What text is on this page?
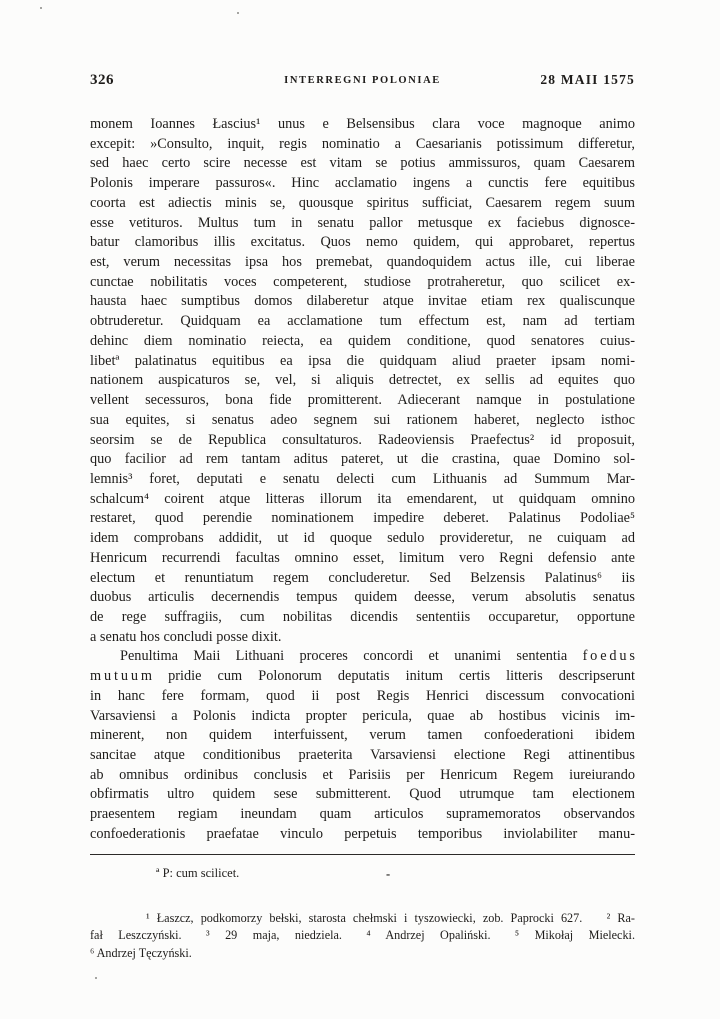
326	INTERREGNI POLONIAE	28 MAII 1575
monem Ioannes Łascius¹ unus e Belsensibus clara voce magnoque animo
excepit: »Consulto, inquit, regis nominatio a Caesarianis potissimum differetur,
sed haec certo scire necesse est vitam se potius ammissuros, quam Caesarem
Polonis imperare passuros«. Hinc acclamatio ingens a cunctis fere equitibus
coorta est adiectis minis se, quousque spiritus sufficiat, Caesarem regem suum
esse vetituros. Multus tum in senatu pallor metusque ex faciebus dignosce-
batur clamoribus illis excitatus. Quos nemo quidem, qui approbaret, repertus
est, verum necessitas ipsa hos premebat, quandoquidem actus ille, cui liberae
cunctae nobilitatis voces competerent, studiose protraheretur, quo scilicet ex-
hausta haec sumptibus domos dilaberetur atque invitae etiam rex qualiscunque
obtruderetur. Quidquam ea acclamatione tum effectum est, nam ad tertiam
dehinc diem nominatio reiecta, ea quidem conditione, quod senatores cuius-
libetª palatinatus equitibus ea ipsa die quidquam aliud praeter ipsam nomi-
nationem auspicaturos se, vel, si aliquis detrectet, ex sellis ad equites quo
vellent secessuros, bona fide promitterent. Adiecerant namque in postulatione
sua equites, si senatus adeo segnem sui rationem haberet, neglecto isthoc
seorsim se de Republica consultaturos. Radeoviensis Praefectus² id proposuit,
quo facilior ad rem tantam aditus pateret, ut die crastina, quae Domino sol-
lemnis³ foret, deputati e senatu delecti cum Lithuanis ad Summum Mar-
schalcum⁴ coirent atque litteras illorum ita emendarent, ut quidquam omnino
restaret, quod perendie nominationem impedire deberet. Palatinus Podoliae⁵
idem comprobans addidit, ut id quoque sedulo provideretur, ne cuiquam ad
Henricum recurrendi facultas omnino esset, limitum vero Regni defensio ante
electum et renuntiatum regem concluderetur. Sed Belzensis Palatinus⁶ iis
duobus articulis decernendis tempus quidem deesse, verum absolutis senatus
de rege suffragiis, cum nobilitas dicendis sententiis occuparetur, opportune
a senatu hos concludi posse dixit.
Penultima Maii Lithuani proceres concordi et unanimi sententia f o e d u s
m u t u u m pridie cum Polonorum deputatis initum certis litteris descripserunt
in hanc fere formam, quod ii post Regis Henrici discessum convocationi
Varsaviensi a Polonis indicta propter pericula, quae ab hostibus vicinis im-
minerent, non quidem interfuissent, verum tamen confoederationi ibidem
sancitae atque conditionibus praeterita Varsaviensi electione Regi attinentibus
ab omnibus ordinibus conclusis et Parisiis per Henricum Regem iureiurando
obfirmatis ultro quidem sese submitterent. Quod utrumque tam electionem
praesentem regiam ineundam quam articulos supramemoratos observandos
confoederationis praefatae vinculo perpetuis temporibus inviolabiliter manu-
ª P: cum scilicet.	-
¹ Łaszcz, podkomorzy bełski, starosta chełmski i tyszowiecki, zob. Paprocki 627.  ² Ra-
fał Leszczyński.  ³ 29 maja, niedziela.  ⁴ Andrzej Opaliński.  ⁵ Mikołaj Mielecki.
⁶ Andrzej Tęczyński.
